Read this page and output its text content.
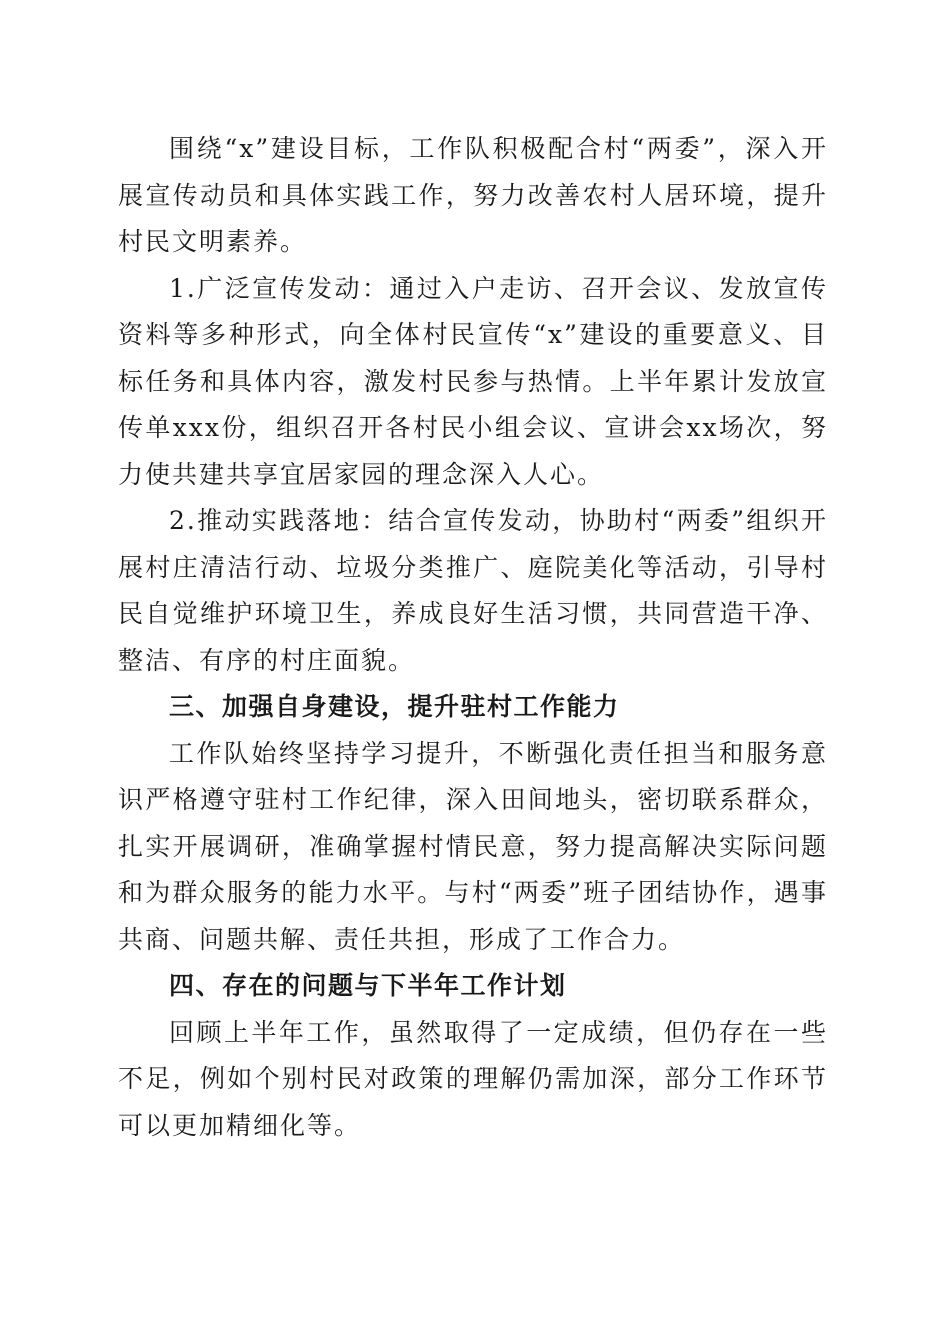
围绕“x”建设目标，工作队积极配合村“两委”，深入开展宣传动员和具体实践工作，努力改善农村人居环境，提升村民文明素养。

1.广泛宣传发动：通过入户走访、召开会议、发放宣传资料等多种形式，向全体村民宣传“x”建设的重要意义、目标任务和具体内容，激发村民参与热情。上半年累计发放宣传单xxx份，组织召开各村民小组会议、宣讲会xx场次，努力使共建共享宜居家园的理念深入人心。

2.推动实践落地：结合宣传发动，协助村“两委”组织开展村庄清洁行动、垃圾分类推广、庭院美化等活动，引导村民自觉维护环境卫生，养成良好生活习惯，共同营造干净、整洁、有序的村庄面貌。

三、加强自身建设，提升驻村工作能力

工作队始终坚持学习提升，不断强化责任担当和服务意识严格遵守驻村工作纪律，深入田间地头，密切联系群众，扎实开展调研，准确掌握村情民意，努力提高解决实际问题和为群众服务的能力水平。与村“两委”班子团结协作，遇事共商、问题共解、责任共担，形成了工作合力。

四、存在的问题与下半年工作计划

回顾上半年工作，虽然取得了一定成绩，但仍存在一些不足，例如个别村民对政策的理解仍需加深，部分工作环节可以更加精细化等。
